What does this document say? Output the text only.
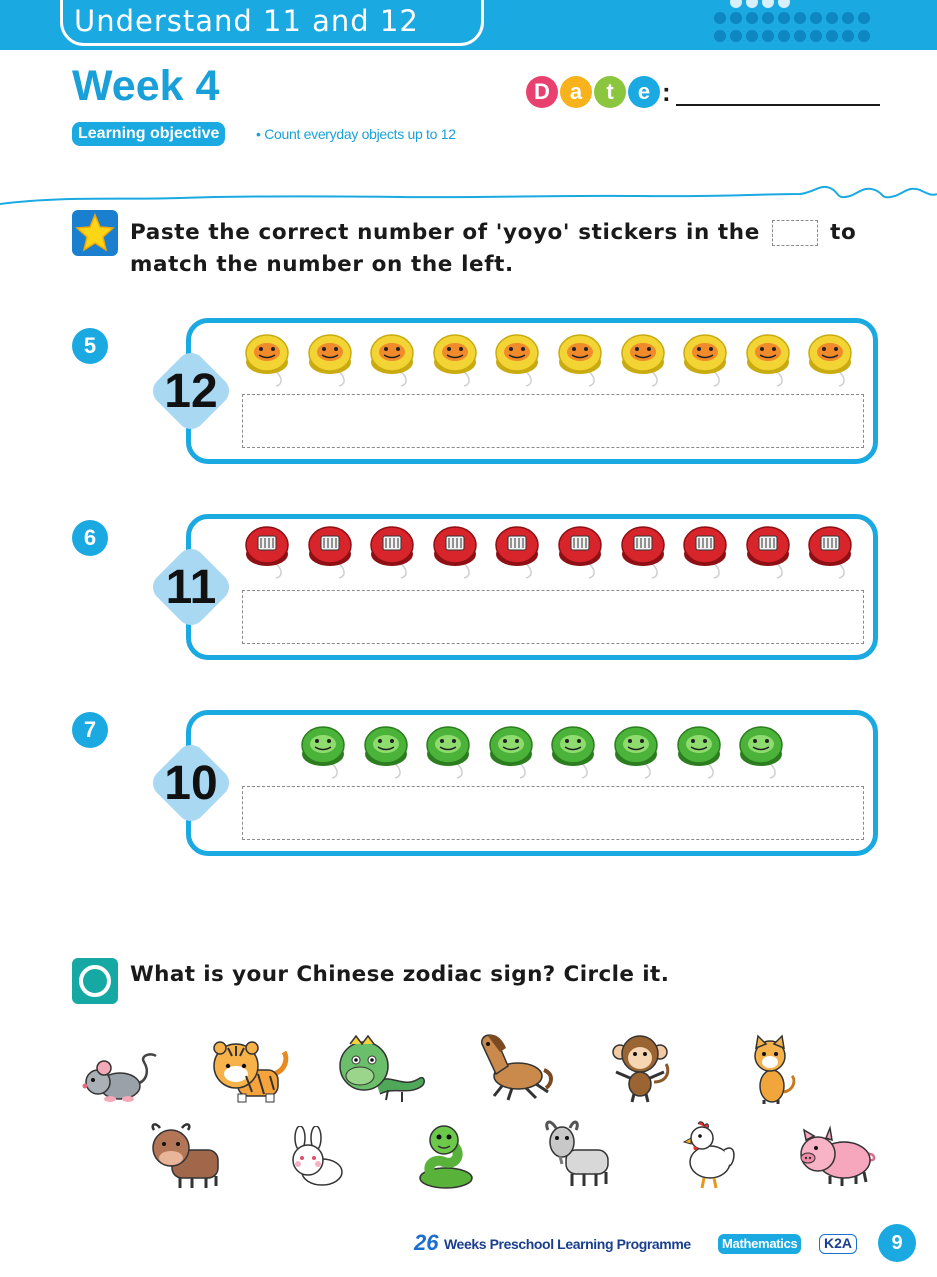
Understand 11 and 12
Week 4	D a	t	e :
Learning objective	• Count everyday objects up to 12
Paste the correct number of 'yoyo' stickers in the	to match the number on the left.
5
12
6
11
7
10
What is your Chinese zodiac sign? Circle it.
26 Weeks Preschool Learning Programme	Mathematics	K2A	9
